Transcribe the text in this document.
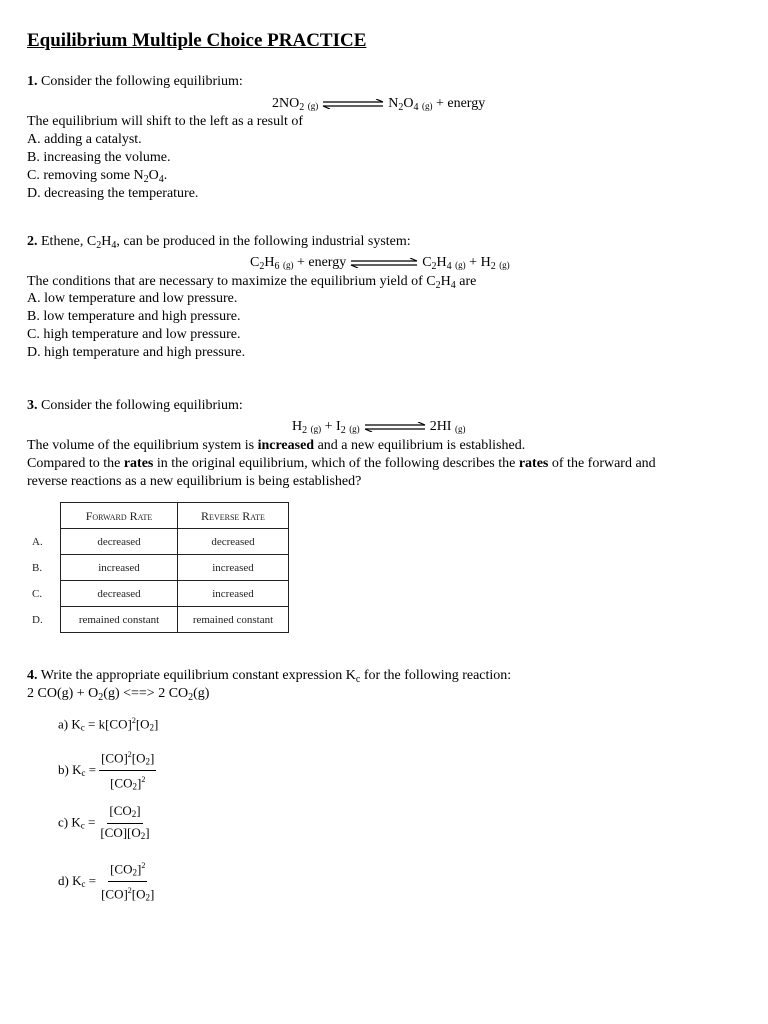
Equilibrium Multiple Choice PRACTICE
1. Consider the following equilibrium:
$2NO_2$ $_{(g)}$	$N_2O_4$ $_{(g)}$ + energy
The equilibrium will shift to the left as a result of
A. adding a catalyst.
B. increasing the volume.
C. removing some $N_2O_4$.
D. decreasing the temperature.
2. Ethene, $C_2H_4$, can be produced in the following industrial system:
$C_2H_6$ $_{(g)}$ + energy	$C_2H_4$ $_{(g)} + H_2$ $_{(g)}$
The conditions that are necessary to maximize the equilibrium yield of $C_2H_4$ are
A. low temperature and low pressure.
B. low temperature and high pressure.
C. high temperature and low pressure.
D. high temperature and high pressure.
3. Consider the following equilibrium:
$H_2$ $_{(g)} + I_2$ $_{(g)}$	2HI $_{(g)}$
The volume of the equilibrium system is increased and a new equilibrium is established.
Compared to the rates in the original equilibrium, which of the following describes the rates of the forward and
reverse reactions as a new equilibrium is being established?
	Forward Rate	Reverse Rate
A.	decreased	decreased
B.	increased	increased
C.	decreased	increased
D.	remained constant	remained constant
4. Write the appropriate equilibrium constant expression $K_c$ for the following reaction:
2 $CO(g) + O_2(g)$ <==> 2 $CO_2(g)$
a) $K_c = k[CO]^2[O_2]$
b) $K_c = \frac{[CO]^2[O_2]}{[CO_2]^2}$
c) $K_c = \frac{[CO_2]}{[CO][O_2]}$
d) $K_c = \frac{[CO_2]^2}{[CO]^2[O_2]}$
